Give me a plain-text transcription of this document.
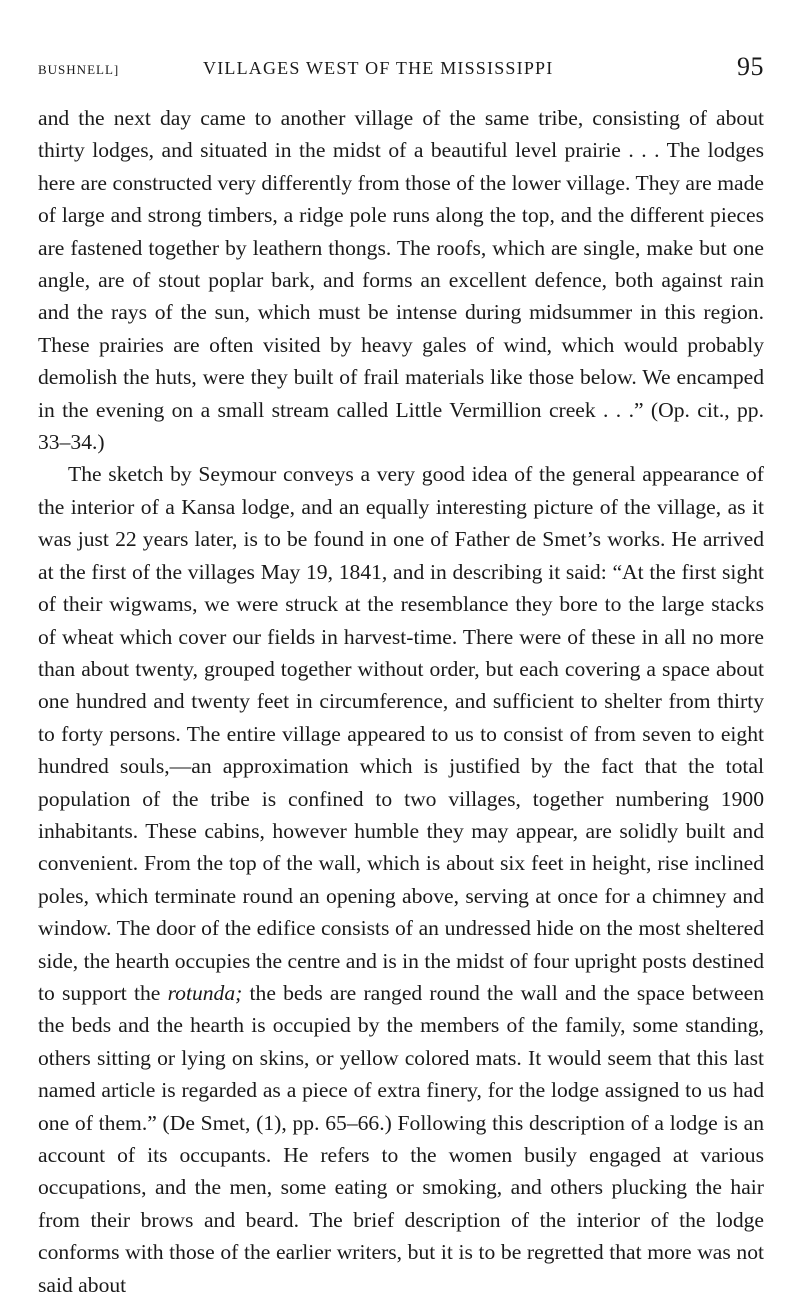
BUSHNELL]	VILLAGES WEST OF THE MISSISSIPPI	95

and the next day came to another village of the same tribe, consisting of about thirty lodges, and situated in the midst of a beautiful level prairie . . . The lodges here are constructed very differently from those of the lower village. They are made of large and strong timbers, a ridge pole runs along the top, and the different pieces are fastened together by leathern thongs. The roofs, which are single, make but one angle, are of stout poplar bark, and forms an excellent defence, both against rain and the rays of the sun, which must be intense during midsummer in this region. These prairies are often visited by heavy gales of wind, which would probably demolish the huts, were they built of frail materials like those below. We encamped in the evening on a small stream called Little Vermillion creek . . .” (Op. cit., pp. 33–34.)

The sketch by Seymour conveys a very good idea of the general appearance of the interior of a Kansa lodge, and an equally interesting picture of the village, as it was just 22 years later, is to be found in one of Father de Smet’s works. He arrived at the first of the villages May 19, 1841, and in describing it said: “At the first sight of their wigwams, we were struck at the resemblance they bore to the large stacks of wheat which cover our fields in harvest-time. There were of these in all no more than about twenty, grouped together without order, but each covering a space about one hundred and twenty feet in circumference, and sufficient to shelter from thirty to forty persons. The entire village appeared to us to consist of from seven to eight hundred souls,—an approximation which is justified by the fact that the total population of the tribe is confined to two villages, together numbering 1900 inhabitants. These cabins, however humble they may appear, are solidly built and convenient. From the top of the wall, which is about six feet in height, rise inclined poles, which terminate round an opening above, serving at once for a chimney and window. The door of the edifice consists of an undressed hide on the most sheltered side, the hearth occupies the centre and is in the midst of four upright posts destined to support the rotunda; the beds are ranged round the wall and the space between the beds and the hearth is occupied by the members of the family, some standing, others sitting or lying on skins, or yellow colored mats. It would seem that this last named article is regarded as a piece of extra finery, for the lodge assigned to us had one of them.” (De Smet, (1), pp. 65–66.) Following this description of a lodge is an account of its occupants. He refers to the women busily engaged at various occupations, and the men, some eating or smoking, and others plucking the hair from their brows and beard. The brief description of the interior of the lodge conforms with those of the earlier writers, but it is to be regretted that more was not said about
